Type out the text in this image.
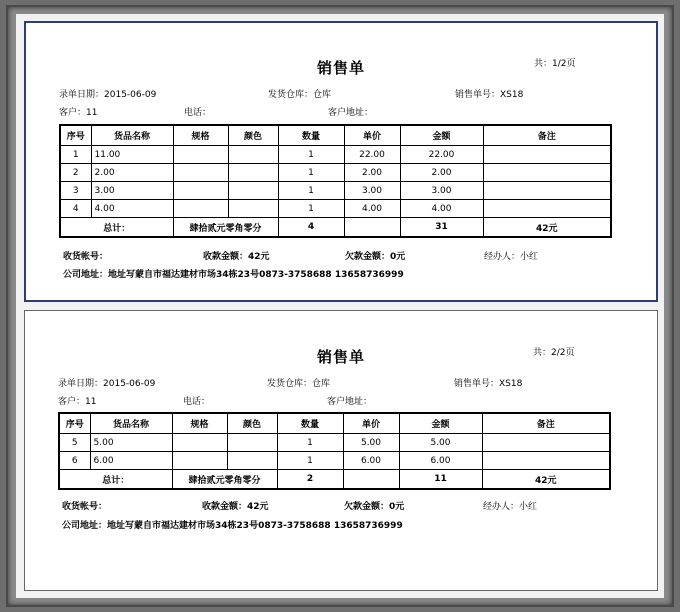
销售单	共：1/2页
录单日期：2015-06-09	发货仓库：仓库	销售单号：XS18
客户：11	电话：	客户地址：
序号	货品名称	规格	颜色	数量	单价	金额	备注
1	11.00			1	22.00	22.00	
2	2.00			1	2.00	2.00	
3	3.00			1	3.00	3.00	
4	4.00			1	4.00	4.00	
总计：		肆拾贰元零角零分		4		31	42元
收货帐号：	收款金额：42元	欠款金额：0元	经办人：小红
公司地址：地址写蒙自市福达建材市场34栋23号0873-3758688 13658736999
销售单	共：2/2页
录单日期：2015-06-09	发货仓库：仓库	销售单号：XS18
客户：11	电话：	客户地址：
序号	货品名称	规格	颜色	数量	单价	金额	备注
5	5.00			1	5.00	5.00	
6	6.00			1	6.00	6.00	
总计：		肆拾贰元零角零分		2		11	42元
收货帐号：	收款金额：42元	欠款金额：0元	经办人：小红
公司地址：地址写蒙自市福达建材市场34栋23号0873-3758688 13658736999
